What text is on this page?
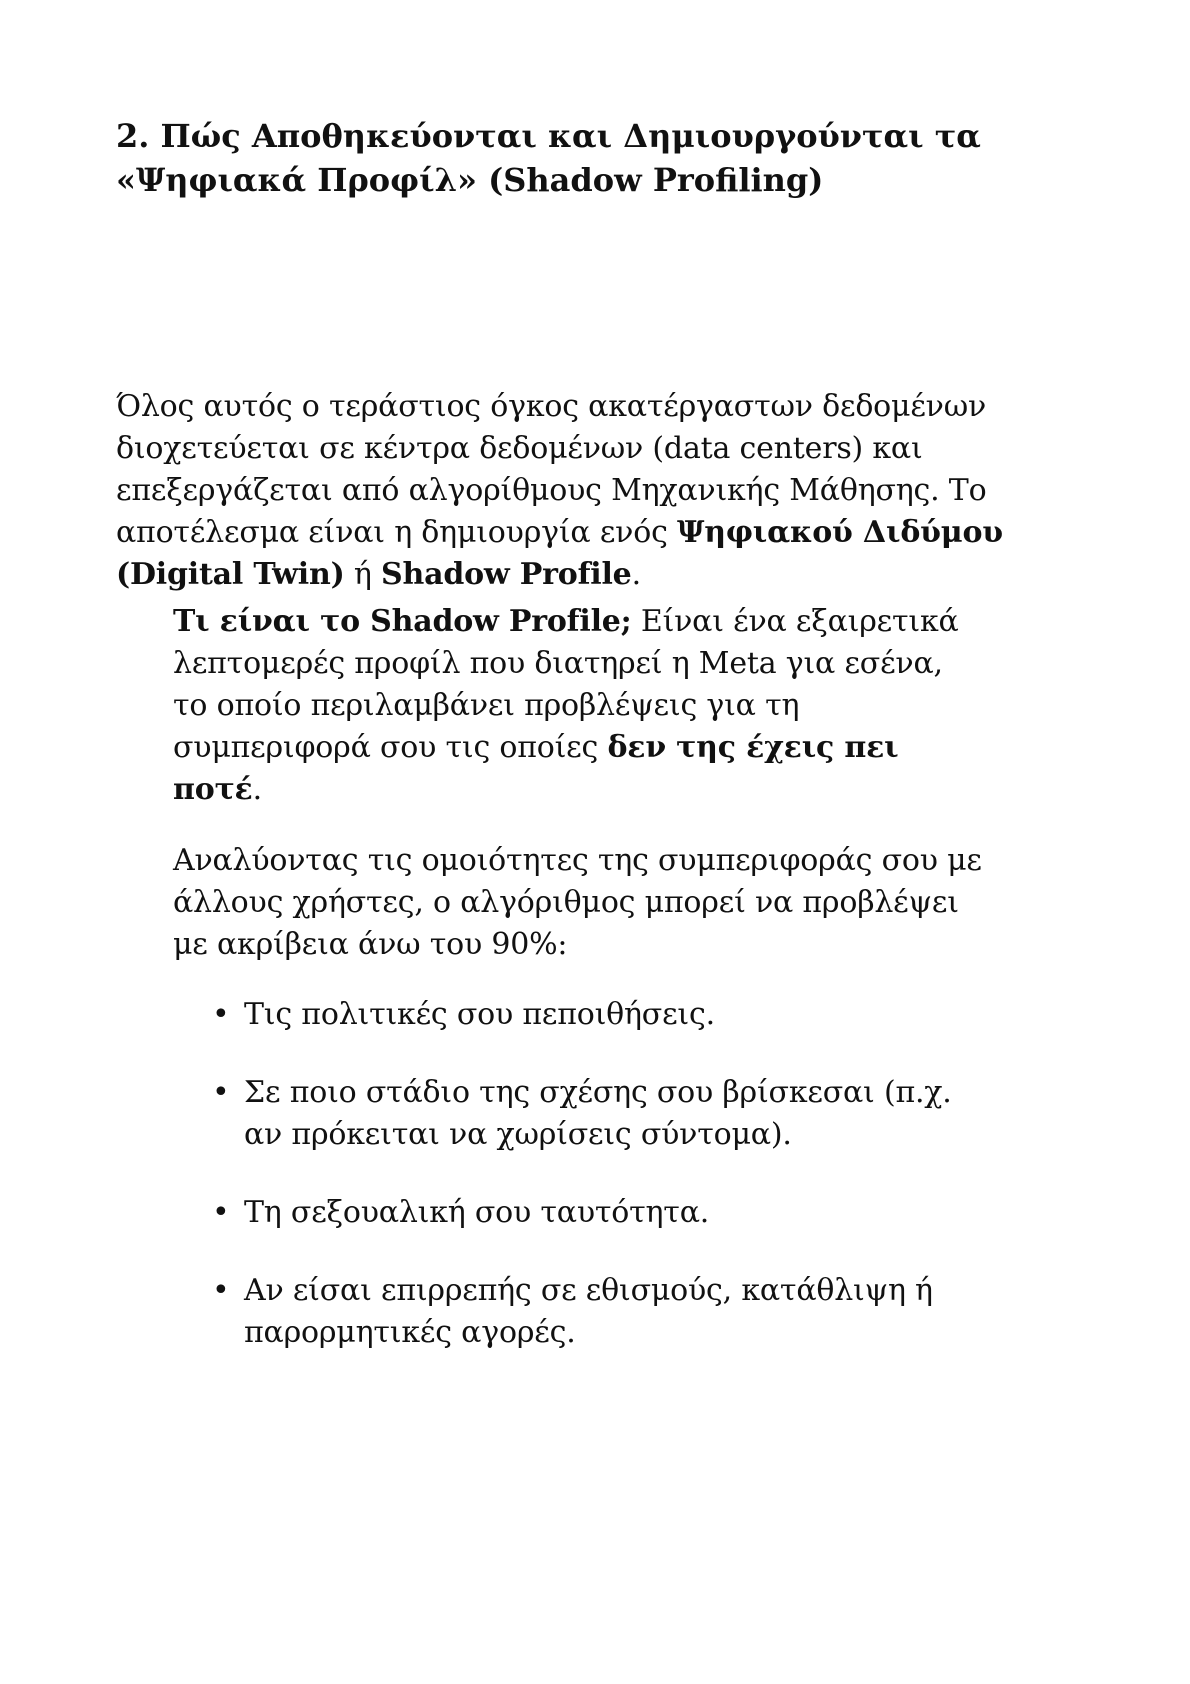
2. Πώς Αποθηκεύονται και Δημιουργούνται τα
«Ψηφιακά Προφίλ» (Shadow Profiling)

Όλος αυτός ο τεράστιος όγκος ακατέργαστων δεδομένων
διοχετεύεται σε κέντρα δεδομένων (data centers) και
επεξεργάζεται από αλγορίθμους Μηχανικής Μάθησης. Το
αποτέλεσμα είναι η δημιουργία ενός Ψηφιακού Διδύμου
(Digital Twin) ή Shadow Profile.

Τι είναι το Shadow Profile; Είναι ένα εξαιρετικά
λεπτομερές προφίλ που διατηρεί η Meta για εσένα,
το οποίο περιλαμβάνει προβλέψεις για τη
συμπεριφορά σου τις οποίες δεν της έχεις πει
ποτέ.

Αναλύοντας τις ομοιότητες της συμπεριφοράς σου με
άλλους χρήστες, ο αλγόριθμος μπορεί να προβλέψει
με ακρίβεια άνω του 90%:

• Τις πολιτικές σου πεποιθήσεις.
• Σε ποιο στάδιο της σχέσης σου βρίσκεσαι (π.χ.
αν πρόκειται να χωρίσεις σύντομα).
• Τη σεξουαλική σου ταυτότητα.
• Αν είσαι επιρρεπής σε εθισμούς, κατάθλιψη ή
παρορμητικές αγορές.
